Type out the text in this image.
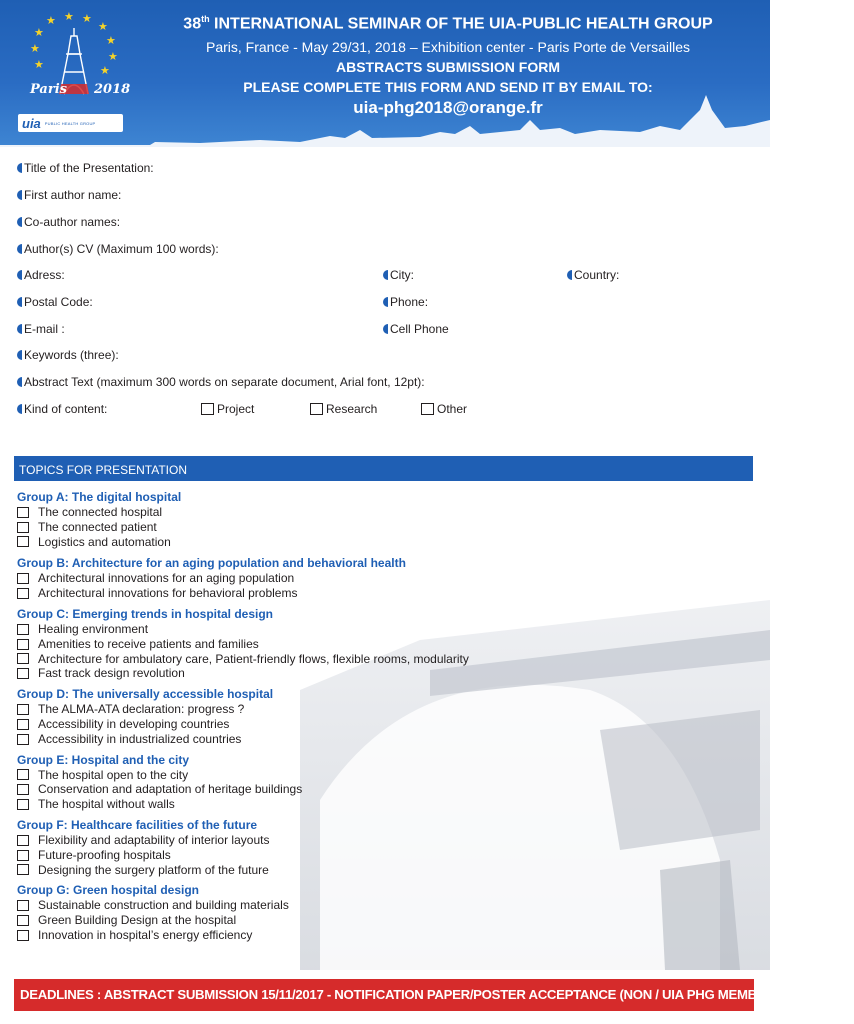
★ ★
★	★
★
★
★
★
★	★
Paris 2018
uia PUBLIC HEALTH GROUP
38th INTERNATIONAL SEMINAR OF THE UIA-PUBLIC HEALTH GROUP
Paris, France - May 29/31, 2018 – Exhibition center - Paris Porte de Versailles
ABSTRACTS SUBMISSION FORM
PLEASE COMPLETE THIS FORM AND SEND IT BY EMAIL TO:
uia-phg2018@orange.fr
Title of the Presentation:
First author name:
Co-author names:
Author(s) CV (Maximum 100 words):
Adress:	City:	Country:
Postal Code:	Phone:
E-mail :	Cell Phone
Keywords (three):
Abstract Text (maximum 300 words on separate document, Arial font, 12pt):
Kind of content:	Project	Research	Other
TOPICS FOR PRESENTATION
Group A: The digital hospital
The connected hospital
The connected patient
Logistics and automation
Group B: Architecture for an aging population and behavioral health
Architectural innovations for an aging population
Architectural innovations for behavioral problems
Group C: Emerging trends in hospital design
Healing environment
Amenities to receive patients and families
Architecture for ambulatory care, Patient-friendly flows, flexible rooms, modularity
Fast track design revolution
Group D: The universally accessible hospital
The ALMA-ATA declaration: progress ?
Accessibility in developing countries
Accessibility in industrialized countries
Group E: Hospital and the city
The hospital open to the city
Conservation and adaptation of heritage buildings
The hospital without walls
Group F: Healthcare facilities of the future
Flexibility and adaptability of interior layouts
Future-proofing hospitals
Designing the surgery platform of the future
Group G: Green hospital design
Sustainable construction and building materials
Green Building Design at the hospital
Innovation in hospital’s energy efficiency
DEADLINES : ABSTRACT SUBMISSION 15/11/2017 - NOTIFICATION PAPER/POSTER ACCEPTANCE (NON / UIA PHG MEMBERS) 15/12/2017
